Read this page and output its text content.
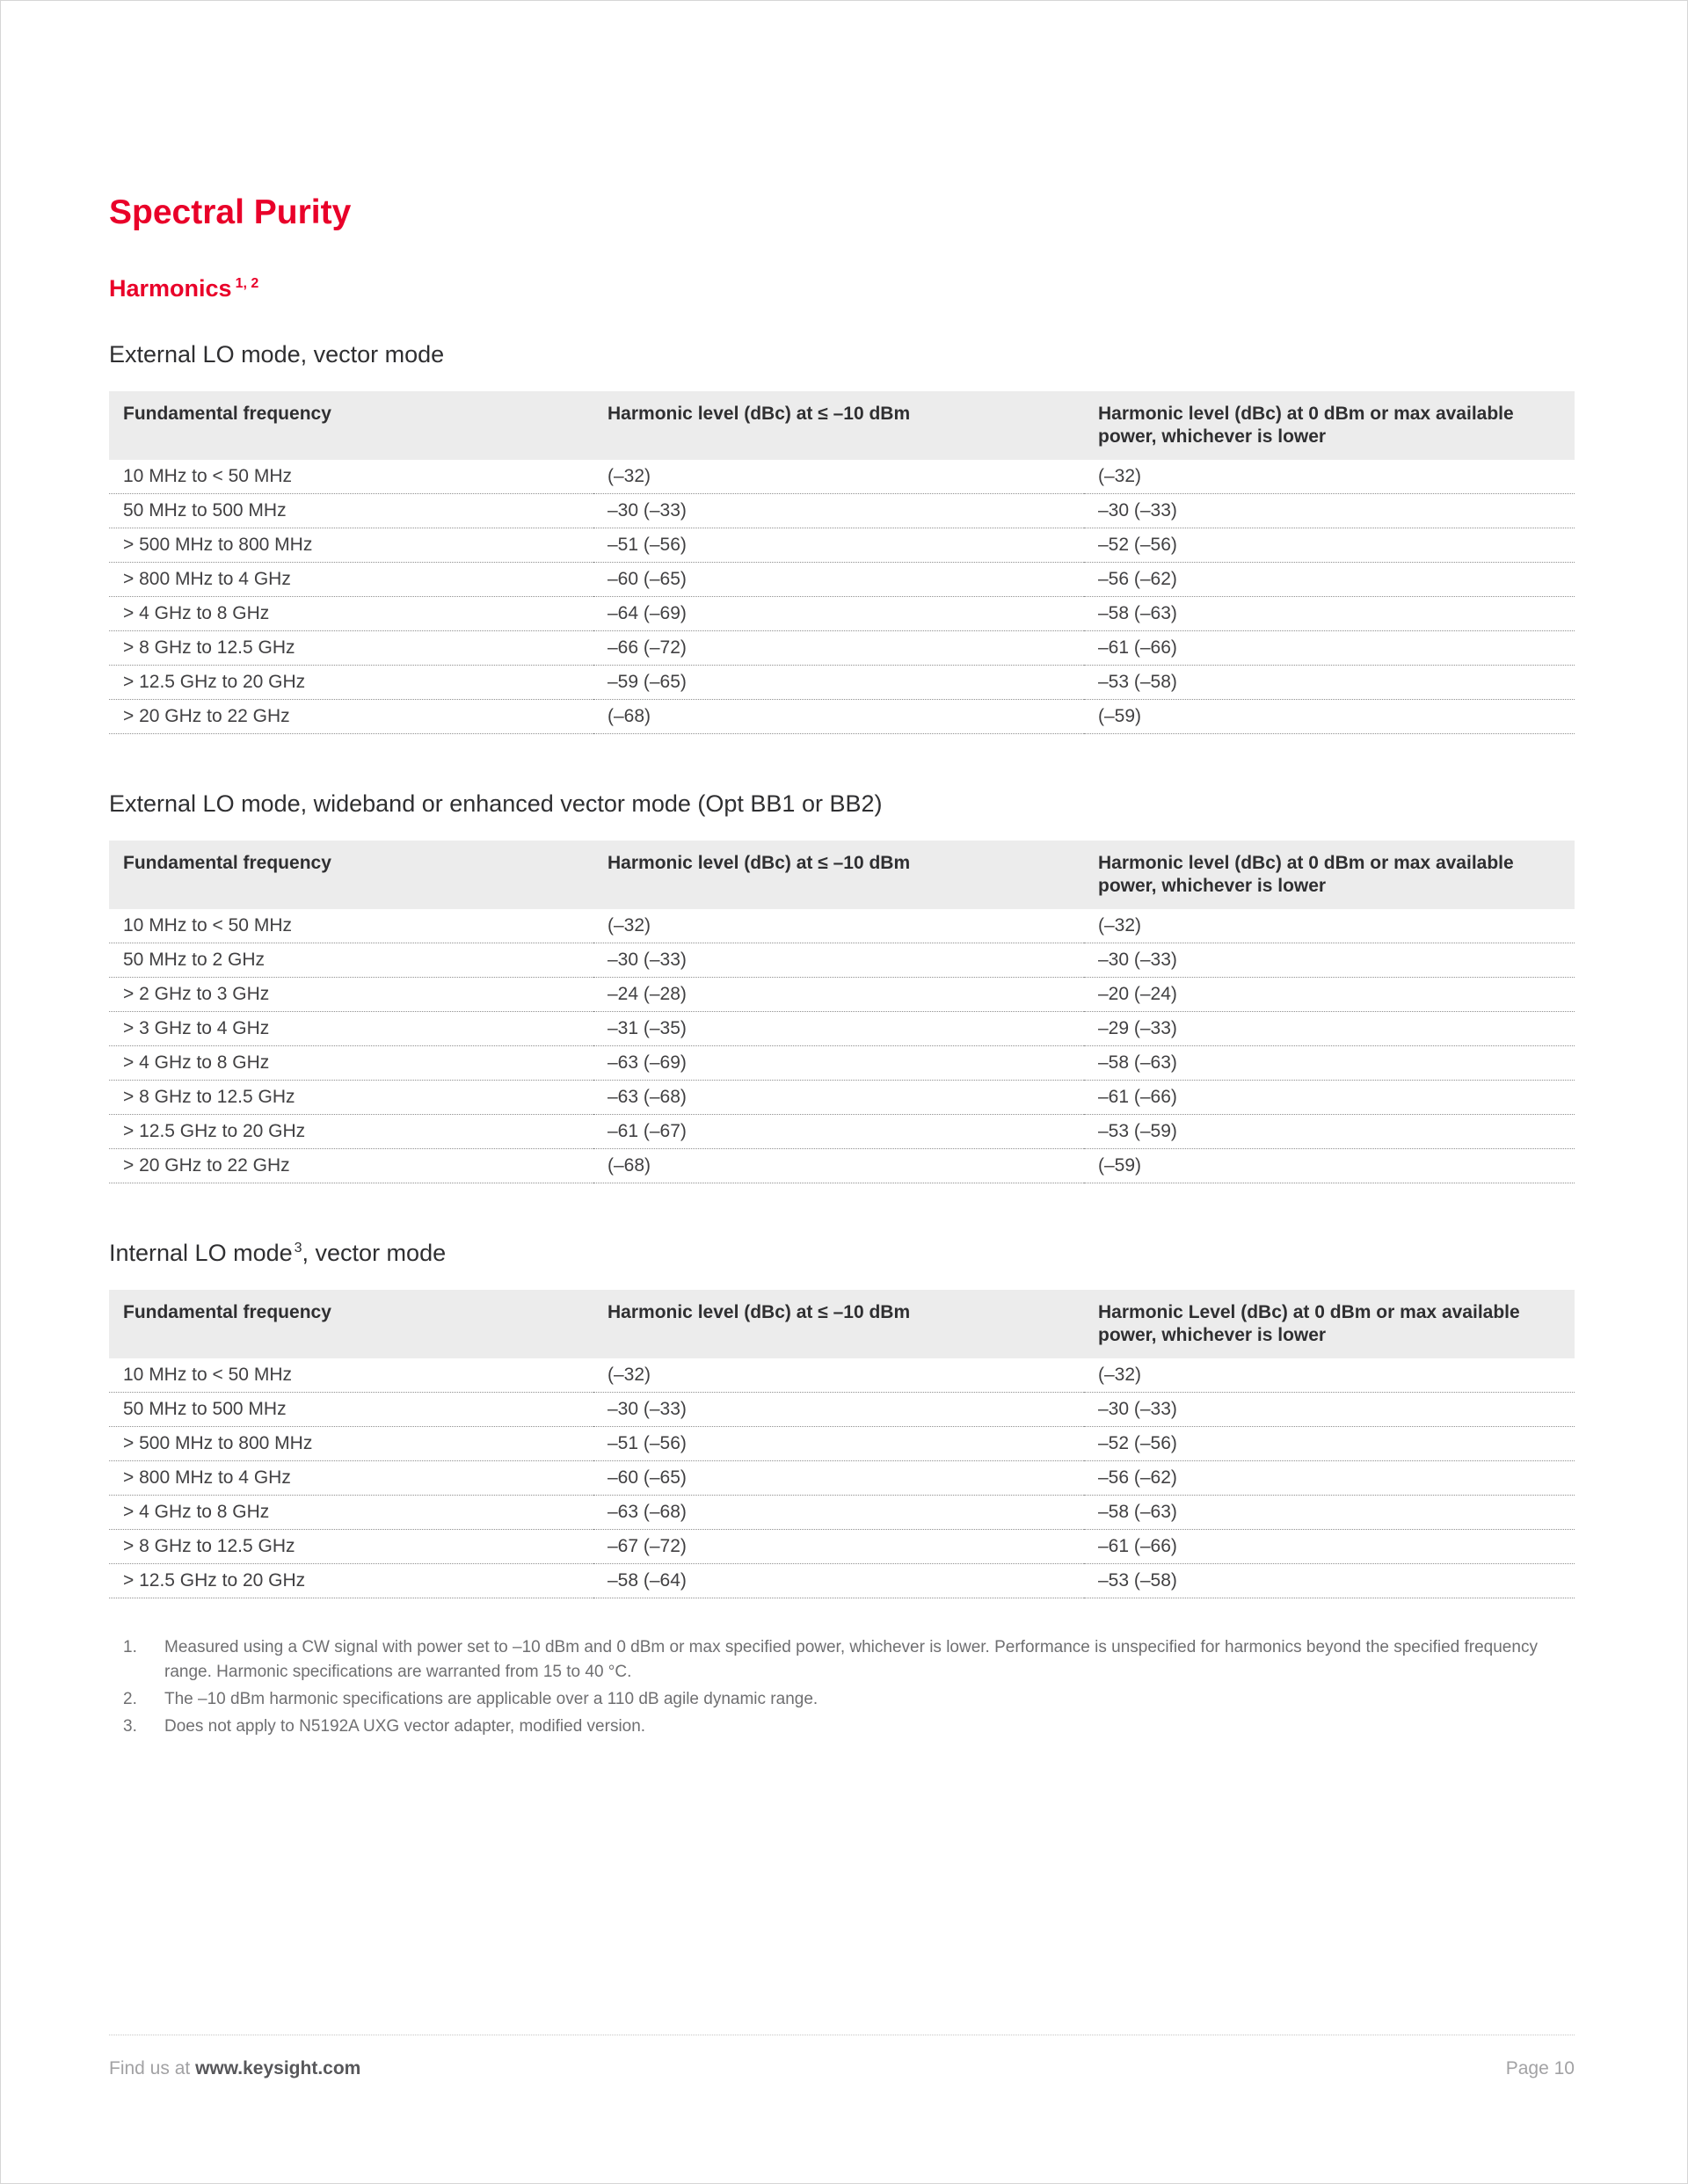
Spectral Purity
Harmonics $^{1, 2}$
External LO mode, vector mode
Fundamental frequency	Harmonic level (dBc) at ≤ –10 dBm	Harmonic level (dBc) at 0 dBm or max available power, whichever is lower
10 MHz to < 50 MHz	(–32)	(–32)
50 MHz to 500 MHz	–30 (–33)	–30 (–33)
> 500 MHz to 800 MHz	–51 (–56)	–52 (–56)
> 800 MHz to 4 GHz	–60 (–65)	–56 (–62)
> 4 GHz to 8 GHz	–64 (–69)	–58 (–63)
> 8 GHz to 12.5 GHz	–66 (–72)	–61 (–66)
> 12.5 GHz to 20 GHz	–59 (–65)	–53 (–58)
> 20 GHz to 22 GHz	(–68)	(–59)
External LO mode, wideband or enhanced vector mode (Opt BB1 or BB2)
Fundamental frequency	Harmonic level (dBc) at ≤ –10 dBm	Harmonic level (dBc) at 0 dBm or max available power, whichever is lower
10 MHz to < 50 MHz	(–32)	(–32)
50 MHz to 2 GHz	–30 (–33)	–30 (–33)
> 2 GHz to 3 GHz	–24 (–28)	–20 (–24)
> 3 GHz to 4 GHz	–31 (–35)	–29 (–33)
> 4 GHz to 8 GHz	–63 (–69)	–58 (–63)
> 8 GHz to 12.5 GHz	–63 (–68)	–61 (–66)
> 12.5 GHz to 20 GHz	–61 (–67)	–53 (–59)
> 20 GHz to 22 GHz	(–68)	(–59)
Internal LO mode $^3$, vector mode
Fundamental frequency	Harmonic level (dBc) at ≤ –10 dBm	Harmonic Level (dBc) at 0 dBm or max available power, whichever is lower
10 MHz to < 50 MHz	(–32)	(–32)
50 MHz to 500 MHz	–30 (–33)	–30 (–33)
> 500 MHz to 800 MHz	–51 (–56)	–52 (–56)
> 800 MHz to 4 GHz	–60 (–65)	–56 (–62)
> 4 GHz to 8 GHz	–63 (–68)	–58 (–63)
> 8 GHz to 12.5 GHz	–67 (–72)	–61 (–66)
> 12.5 GHz to 20 GHz	–58 (–64)	–53 (–58)
1.	Measured using a CW signal with power set to –10 dBm and 0 dBm or max specified power, whichever is lower. Performance is unspecified for harmonics beyond the specified frequency range. Harmonic specifications are warranted from 15 to 40 °C.
2.	The –10 dBm harmonic specifications are applicable over a 110 dB agile dynamic range.
3.	Does not apply to N5192A UXG vector adapter, modified version.
Find us at www.keysight.com	Page 10
